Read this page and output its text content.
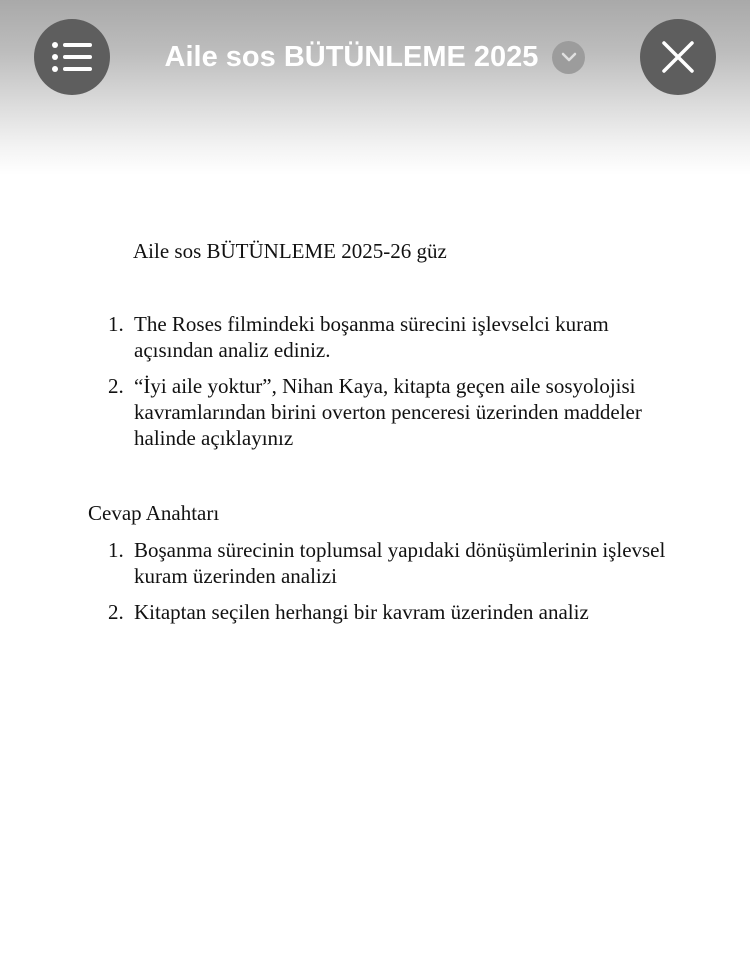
Aile sos BÜTÜNLEME 2025
Aile sos BÜTÜNLEME 2025-26 güz
1. The Roses filmindeki boşanma sürecini işlevselci kuram açısından analiz ediniz.
2. “İyi aile yoktur”, Nihan Kaya, kitapta geçen aile sosyolojisi kavramlarından birini overton penceresi üzerinden maddeler halinde açıklayınız
Cevap Anahtarı
1. Boşanma sürecinin toplumsal yapıdaki dönüşümlerinin işlevsel kuram üzerinden analizi
2. Kitaptan seçilen herhangi bir kavram üzerinden analiz
